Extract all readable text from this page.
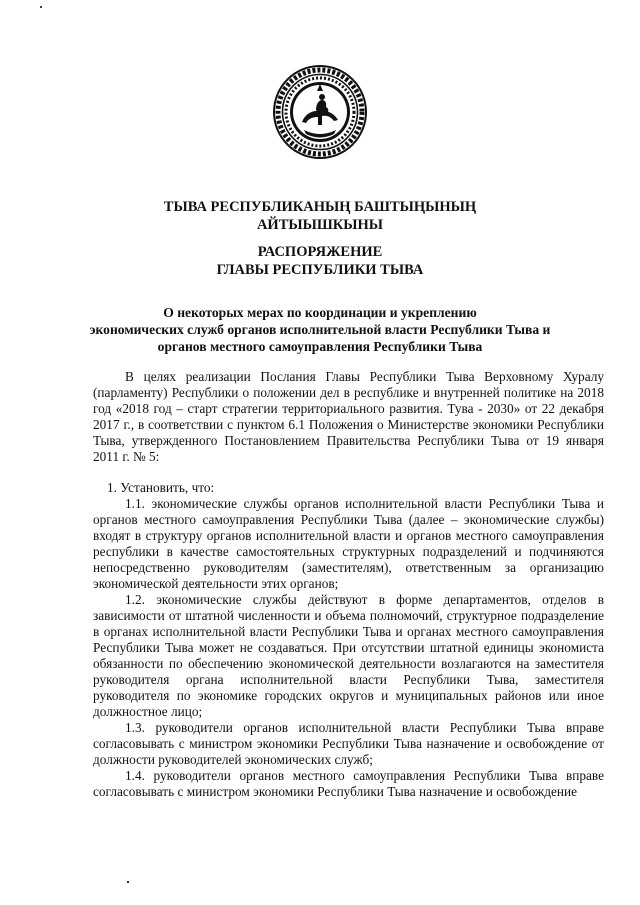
ТЫВА РЕСПУБЛИКАНЫҢ БАШТЫҢЫНЫҢ
АЙТЫЫШКЫНЫ
РАСПОРЯЖЕНИЕ
ГЛАВЫ РЕСПУБЛИКИ ТЫВА
О некоторых мерах по координации и укреплению
экономических служб органов исполнительной власти Республики Тыва и
органов местного самоуправления Республики Тыва

В целях реализации Послания Главы Республики Тыва Верховному Хуралу (парламенту) Республики о положении дел в республике и внутренней политике на 2018 год «2018 год – старт стратегии территориального развития. Тува - 2030» от 22 декабря 2017 г., в соответствии с пунктом 6.1 Положения о Министерстве экономики Республики Тыва, утвержденного Постановлением Правительства Республики Тыва от 19 января 2011 г. № 5:

1. Установить, что:

1.1. экономические службы органов исполнительной власти Республики Тыва и органов местного самоуправления Республики Тыва (далее – экономические службы) входят в структуру органов исполнительной власти и органов местного самоуправления республики в качестве самостоятельных структурных подразделений и подчиняются непосредственно руководителям (заместителям), ответственным за организацию экономической деятельности этих органов;

1.2. экономические службы действуют в форме департаментов, отделов в зависимости от штатной численности и объема полномочий, структурное подразделение в органах исполнительной власти Республики Тыва и органах местного самоуправления Республики Тыва может не создаваться. При отсутствии штатной единицы экономиста обязанности по обеспечению экономической деятельности возлагаются на заместителя руководителя органа исполнительной власти Республики Тыва, заместителя руководителя по экономике городских округов и муниципальных районов или иное должностное лицо;

1.3. руководители органов исполнительной власти Республики Тыва вправе согласовывать с министром экономики Республики Тыва назначение и освобождение от должности руководителей экономических служб;

1.4. руководители органов местного самоуправления Республики Тыва вправе согласовывать с министром экономики Республики Тыва назначение и освобождение
